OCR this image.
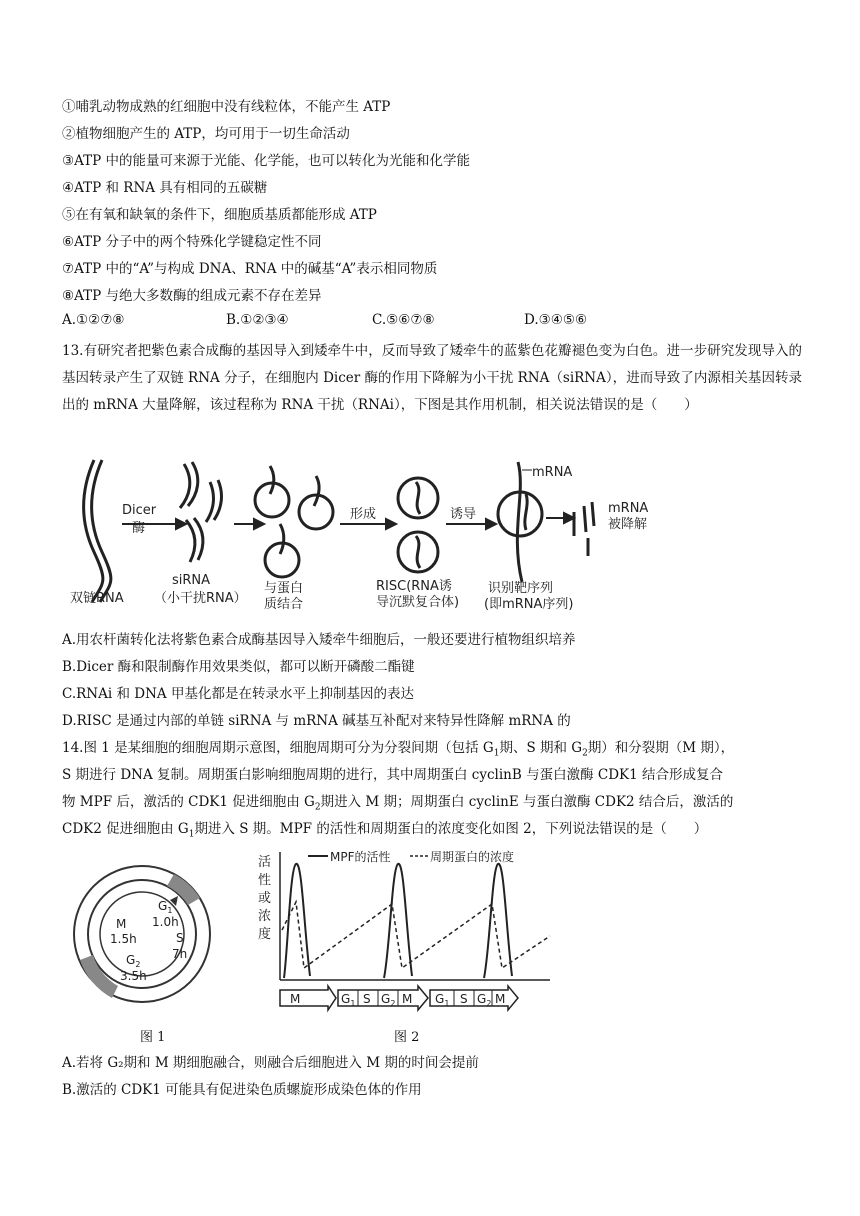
①哺乳动物成熟的红细胞中没有线粒体，不能产生 ATP
②植物细胞产生的 ATP，均可用于一切生命活动
③ATP 中的能量可来源于光能、化学能，也可以转化为光能和化学能
④ATP 和 RNA 具有相同的五碳糖
⑤在有氧和缺氧的条件下，细胞质基质都能形成 ATP
⑥ATP 分子中的两个特殊化学键稳定性不同
⑦ATP 中的“A”与构成 DNA、RNA 中的碱基“A”表示相同物质
⑧ATP 与绝大多数酶的组成元素不存在差异
A.①②⑦⑧	B.①②③④	C.⑤⑥⑦⑧	D.③④⑤⑥
13.有研究者把紫色素合成酶的基因导入到矮牵牛中，反而导致了矮牵牛的蓝紫色花瓣褪色变为白色。进一步研究发现导入的基因转录产生了双链 RNA 分子，在细胞内 Dicer 酶的作用下降解为小干扰 RNA（siRNA），进而导致了内源相关基因转录出的 mRNA 大量降解，该过程称为 RNA 干扰（RNAi），下图是其作用机制，相关说法错误的是（　　）
双链RNA
Dicer
酶
siRNA
（小干扰RNA）
与蛋白
质结合
形成
RISC(RNA诱
导沉默复合体)
诱导
mRNA
识别靶序列
(即mRNA序列)
mRNA
被降解
A.用农杆菌转化法将紫色素合成酶基因导入矮牵牛细胞后，一般还要进行植物组织培养
B.Dicer 酶和限制酶作用效果类似，都可以断开磷酸二酯键
C.RNAi 和 DNA 甲基化都是在转录水平上抑制基因的表达
D.RISC 是通过内部的单链 siRNA 与 mRNA 碱基互补配对来特异性降解 mRNA 的
14.图 1 是某细胞的细胞周期示意图，细胞周期可分为分裂间期（包括 $G_1$期、S 期和 $G_2$期）和分裂期（M 期），
S 期进行 DNA 复制。周期蛋白影响细胞周期的进行，其中周期蛋白 cyclinB 与蛋白激酶 CDK1 结合形成复合
物 MPF 后，激活的 CDK1 促进细胞由 $G_2$期进入 M 期；周期蛋白 cyclinE 与蛋白激酶 CDK2 结合后，激活的
CDK2 促进细胞由 $G_1$期进入 S 期。MPF 的活性和周期蛋白的浓度变化如图 2，下列说法错误的是（　　）
M
1.5h
$G_1$
1.0h
S
7h
$G_2$
3.5h
图 1
活
性
或
浓
度
MPF的活性	周期蛋白的浓度
M	$G_1$ S $G_2$ M $G_1$ S $G_2$ M
图 2
A.若将 G₂期和 M 期细胞融合，则融合后细胞进入 M 期的时间会提前
B.激活的 CDK1 可能具有促进染色质螺旋形成染色体的作用
